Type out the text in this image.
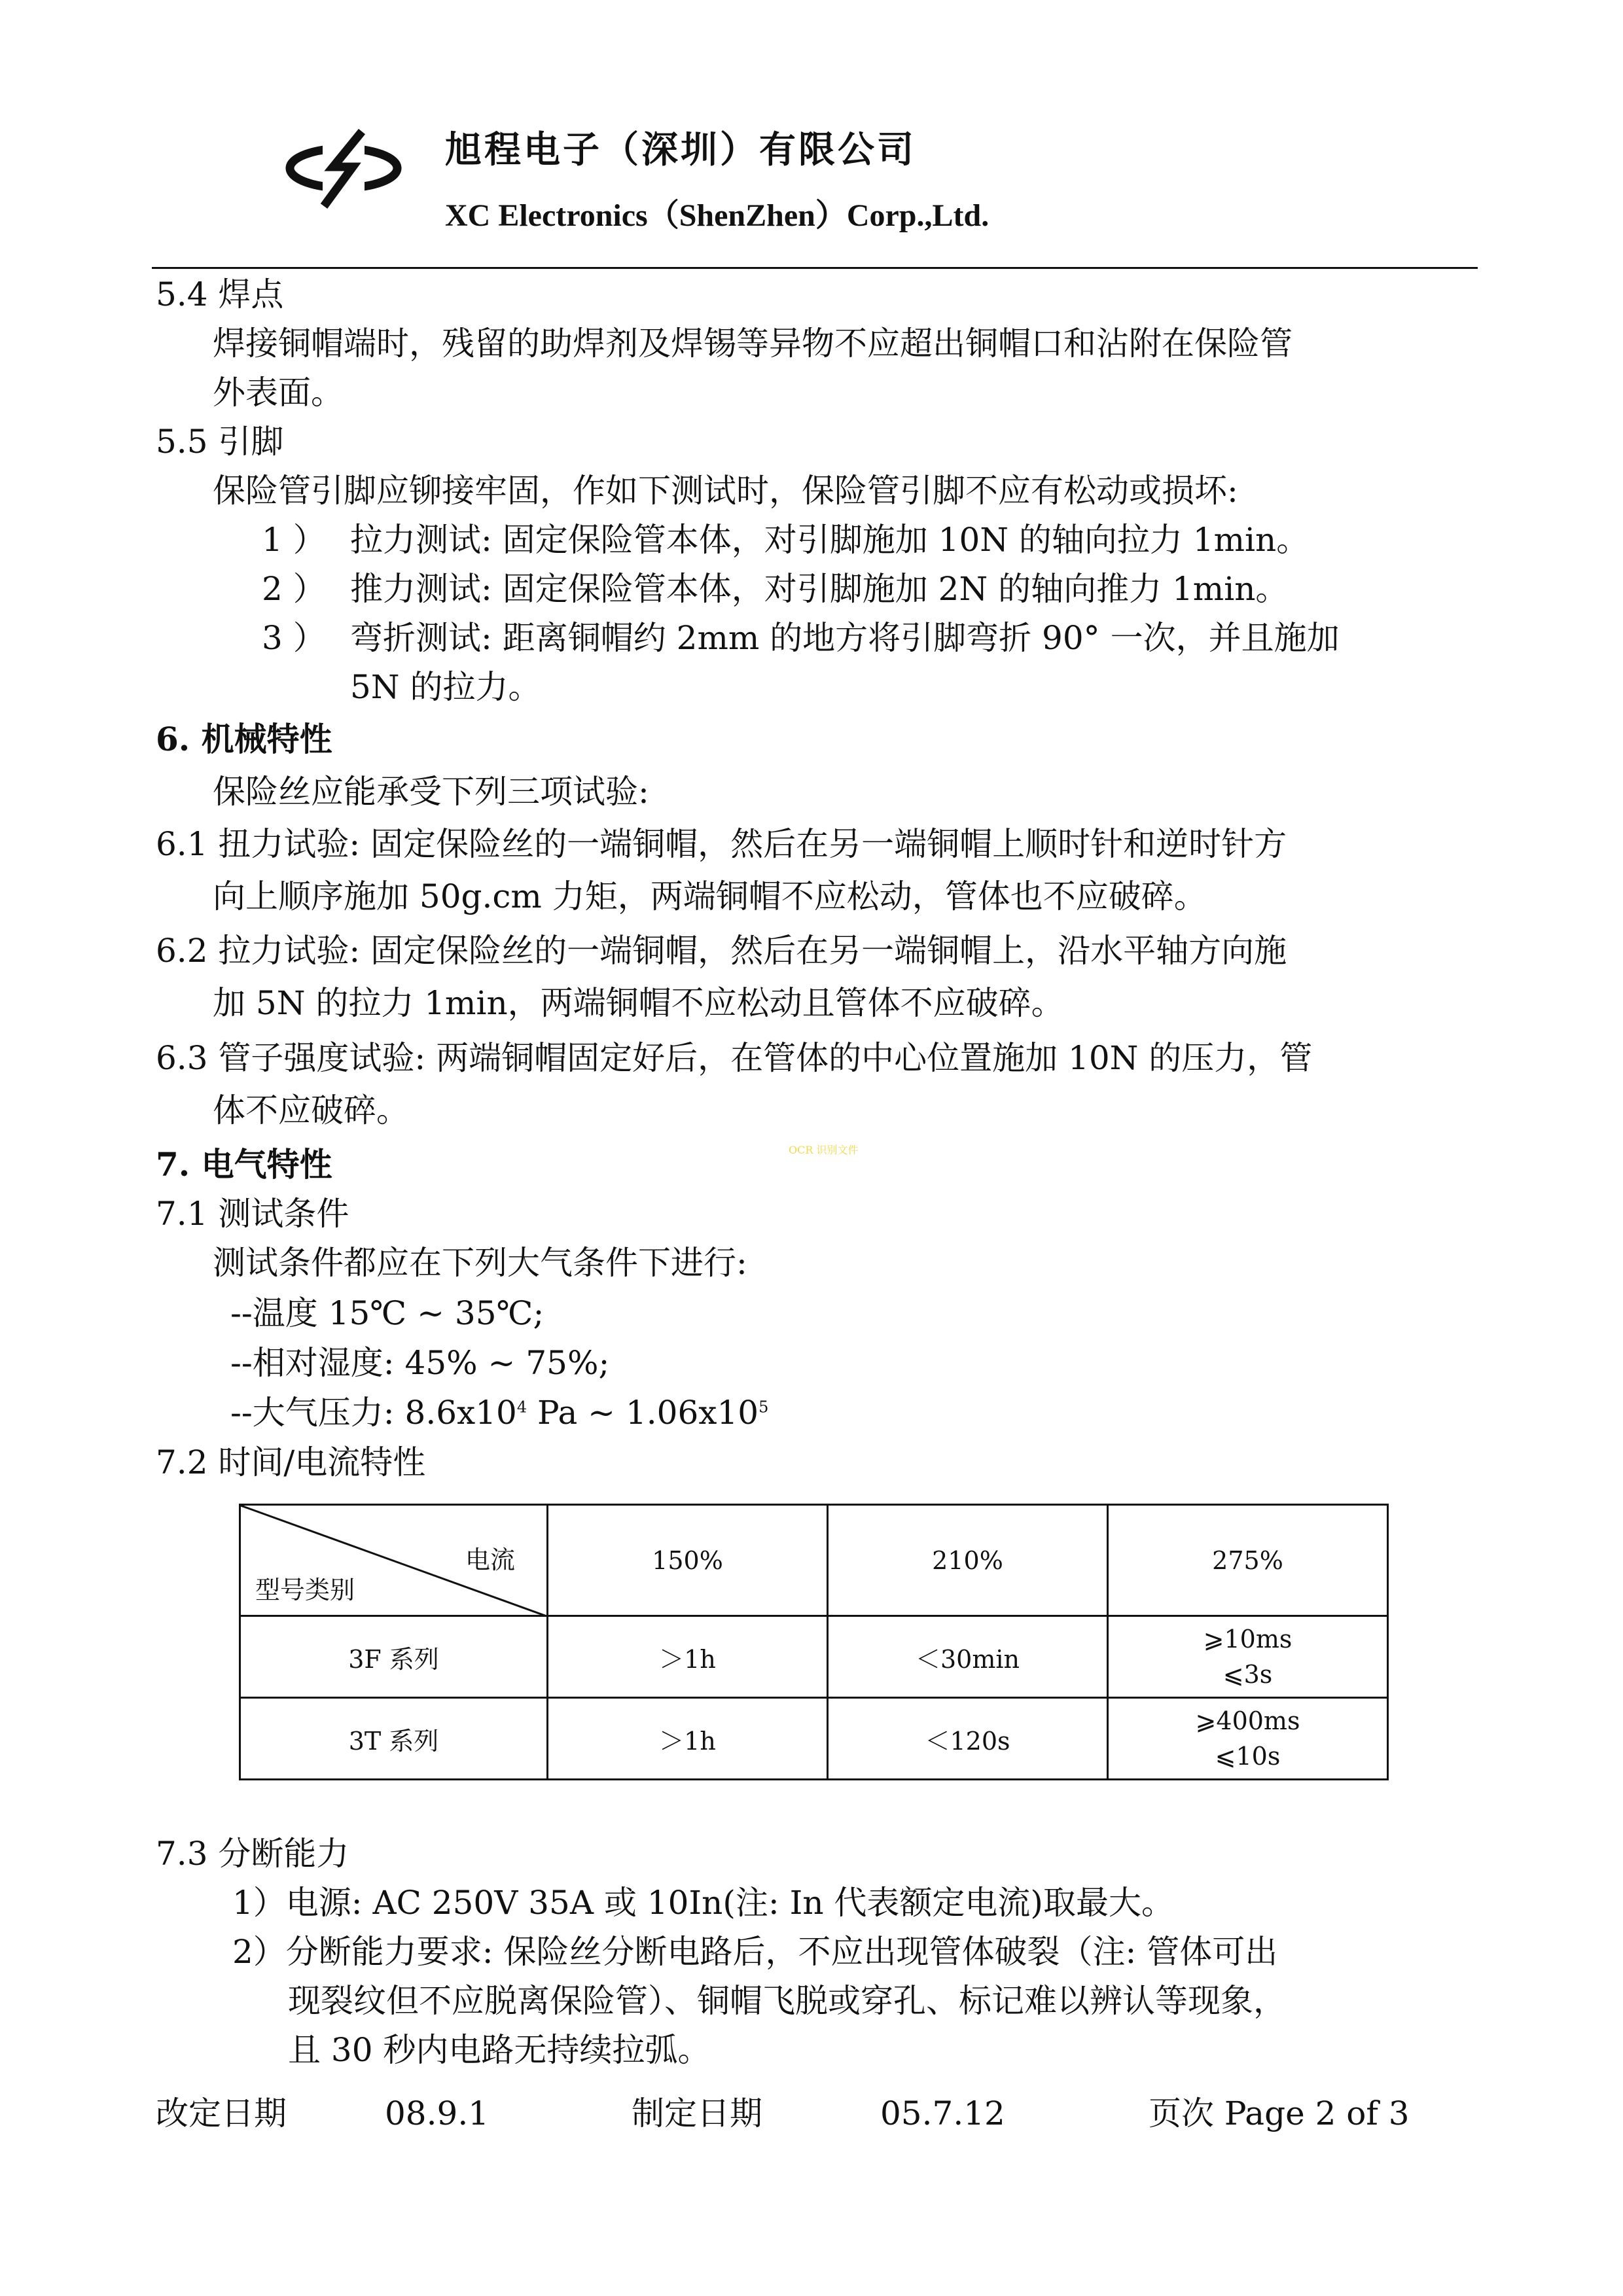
旭程电子（深圳）有限公司
XC Electronics（ShenZhen）Corp.,Ltd.
5.4 焊点
焊接铜帽端时，残留的助焊剂及焊锡等异物不应超出铜帽口和沾附在保险管
外表面。
5.5 引脚
保险管引脚应铆接牢固，作如下测试时，保险管引脚不应有松动或损坏:
1 ） 拉力测试: 固定保险管本体，对引脚施加 10N 的轴向拉力 1min。
2 ） 推力测试: 固定保险管本体，对引脚施加 2N 的轴向推力 1min。
3 ） 弯折测试: 距离铜帽约 2mm 的地方将引脚弯折 90° 一次，并且施加
5N 的拉力。
6. 机械特性
保险丝应能承受下列三项试验:
6.1 扭力试验: 固定保险丝的一端铜帽，然后在另一端铜帽上顺时针和逆时针方
向上顺序施加 50g.cm 力矩，两端铜帽不应松动，管体也不应破碎。
6.2 拉力试验: 固定保险丝的一端铜帽，然后在另一端铜帽上，沿水平轴方向施
加 5N 的拉力 1min，两端铜帽不应松动且管体不应破碎。
6.3 管子强度试验: 两端铜帽固定好后，在管体的中心位置施加 10N 的压力，管
体不应破碎。
OCR 识别文件
7. 电气特性
7.1 测试条件
测试条件都应在下列大气条件下进行:
--温度 15℃ ~ 35℃;
--相对湿度: 45% ~ 75%;
--大气压力: $8.6x10^4$ Pa ~ $1.06x10^5$
7.2 时间/电流特性
电流
型号类别	150%	210%	275%
3F 系列	＞1h	＜30min	⩾10ms
⩽3s

3T 系列	＞1h	＜120s	⩾400ms
⩽10s
7.3 分断能力
1）电源: AC 250V 35A 或 10In(注: In 代表额定电流)取最大。
2）分断能力要求: 保险丝分断电路后，不应出现管体破裂（注: 管体可出
现裂纹但不应脱离保险管）、铜帽飞脱或穿孔、标记难以辨认等现象，
且 30 秒内电路无持续拉弧。
改定日期	08.9.1	制定日期	05.7.12	页次 Page 2 of 3
